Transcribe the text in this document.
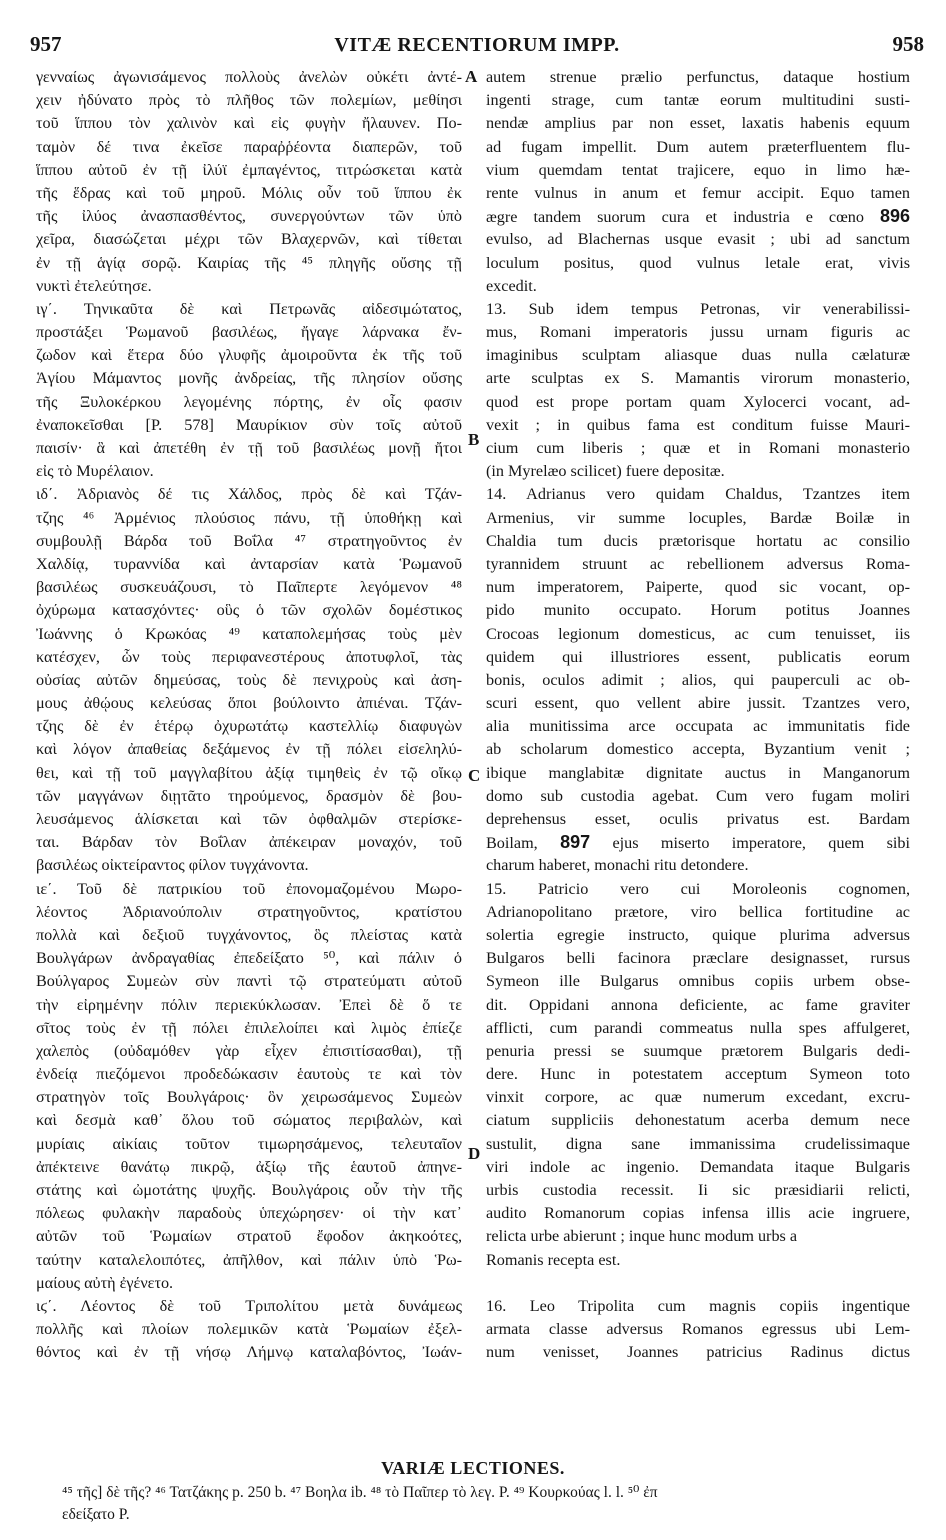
957	VITÆ RECENTIORUM IMPP.	958
γενναίως ἀγωνισάμενος πολλοὺς ἀνελὼν οὐκέτι ἀντέ-
χειν ἠδύνατο πρὸς τὸ πλῆθος τῶν πολεμίων, μεθίησι
τοῦ ἵππου τὸν χαλινὸν καὶ εἰς φυγὴν ἤλαυνεν. Πο-
ταμὸν δέ τινα ἐκεῖσε παραῤῥέοντα διαπερῶν, τοῦ
ἵππου αὐτοῦ ἐν τῇ ἰλύϊ ἐμπαγέντος, τιτρώσκεται κατὰ
τῆς ἕδρας καὶ τοῦ μηροῦ. Μόλις οὖν τοῦ ἵππου ἐκ
τῆς ἰλύος ἀνασπασθέντος, συνεργούντων τῶν ὑπὸ
χεῖρα, διασώζεται μέχρι τῶν Βλαχερνῶν, καὶ τίθεται
ἐν τῇ ἁγίᾳ σορῷ. Καιρίας τῆς ⁴⁵ πληγῆς οὔσης τῇ
νυκτὶ ἐτελεύτησε.
ιγ΄. Τηνικαῦτα δὲ καὶ Πετρωνᾶς αἰδεσιμώτατος,
προστάξει Ῥωμανοῦ βασιλέως, ἤγαγε λάρνακα ἔν-
ζωδον καὶ ἕτερα δύο γλυφῆς ἀμοιροῦντα ἐκ τῆς τοῦ
Ἁγίου Μάμαντος μονῆς ἀνδρείας, τῆς πλησίον οὔσης
τῆς Ξυλοκέρκου λεγομένης πόρτης, ἐν οἷς φασιν
ἐναποκεῖσθαι [P. 578] Μαυρίκιον σὺν τοῖς αὐτοῦ
παισίν· ἃ καὶ ἀπετέθη ἐν τῇ τοῦ βασιλέως μονῇ ἤτοι
εἰς τὸ Μυρέλαιον.
ιδ΄. Ἀδριανὸς δέ τις Χάλδος, πρὸς δὲ καὶ Τζάν-
τζης ⁴⁶ Ἀρμένιος πλούσιος πάνυ, τῇ ὑποθήκῃ καὶ
συμβουλῇ Βάρδα τοῦ Βοΐλα ⁴⁷ στρατηγοῦντος ἐν
Χαλδίᾳ, τυραννίδα καὶ ἀνταρσίαν κατὰ Ῥωμανοῦ
βασιλέως συσκευάζουσι, τὸ Παῖπερτε λεγόμενον ⁴⁸
ὀχύρωμα κατασχόντες· οὓς ὁ τῶν σχολῶν δομέστικος
Ἰωάννης ὁ Κρωκόας ⁴⁹ καταπολεμήσας τοὺς μὲν
κατέσχεν, ὧν τοὺς περιφανεστέρους ἀποτυφλοῖ, τὰς
οὐσίας αὐτῶν δημεύσας, τοὺς δὲ πενιχροὺς καὶ ἀση-
μους ἀθῴους κελεύσας ὅποι βούλοιντο ἀπιέναι. Τζάν-
τζης δὲ ἐν ἑτέρῳ ὀχυρωτάτῳ καστελλίῳ διαφυγὼν
καὶ λόγον ἀπαθείας δεξάμενος ἐν τῇ πόλει εἰσεληλύ-
θει, καὶ τῇ τοῦ μαγγλαβίτου ἀξίᾳ τιμηθεὶς ἐν τῷ οἴκῳ
τῶν μαγγάνων διῃτᾶτο τηρούμενος, δρασμὸν δὲ βου-
λευσάμενος ἁλίσκεται καὶ τῶν ὀφθαλμῶν στερίσκε-
ται. Βάρδαν τὸν Βοΐλαν ἀπέκειραν μοναχόν, τοῦ
βασιλέως οἰκτείραντος φίλον τυγχάνοντα.
ιε΄. Τοῦ δὲ πατρικίου τοῦ ἐπονομαζομένου Μωρο-
λέοντος Ἀδριανούπολιν στρατηγοῦντος, κρατίστου
πολλὰ καὶ δεξιοῦ τυγχάνοντος, ὃς πλείστας κατὰ
Βουλγάρων ἀνδραγαθίας ἐπεδείξατο ⁵⁰, καὶ πάλιν ὁ
Βούλγαρος Συμεὼν σὺν παντὶ τῷ στρατεύματι αὐτοῦ
τὴν εἰρημένην πόλιν περιεκύκλωσαν. Ἐπεὶ δὲ ὅ τε
σῖτος τοὺς ἐν τῇ πόλει ἐπιλελοίπει καὶ λιμὸς ἐπίεζε
χαλεπὸς (οὐδαμόθεν γὰρ εἶχεν ἐπισιτίσασθαι), τῇ
ἐνδείᾳ πιεζόμενοι προδεδώκασιν ἑαυτοὺς τε καὶ τὸν
στρατηγὸν τοῖς Βουλγάροις· ὃν χειρωσάμενος Συμεὼν
καὶ δεσμὰ καθ᾽ ὅλου τοῦ σώματος περιβαλὼν, καὶ
μυρίαις αἰκίαις τοῦτον τιμωρησάμενος, τελευταῖον
ἀπέκτεινε θανάτῳ πικρῷ, ἀξίῳ τῆς ἑαυτοῦ ἀπηνε-
στάτης καὶ ὠμοτάτης ψυχῆς. Βουλγάροις οὖν τὴν τῆς
πόλεως φυλακὴν παραδοὺς ὑπεχώρησεν· οἱ τὴν κατ᾽
αὐτῶν τοῦ Ῥωμαίων στρατοῦ ἔφοδον ἀκηκοότες,
ταύτην καταλελοιπότες, ἀπῆλθον, καὶ πάλιν ὑπὸ Ῥω-
μαίους αὐτὴ ἐγένετο.
ιϛ΄. Λέοντος δὲ τοῦ Τριπολίτου μετὰ δυνάμεως
πολλῆς καὶ πλοίων πολεμικῶν κατὰ Ῥωμαίων ἐξελ-
θόντος καὶ ἐν τῇ νήσῳ Λήμνῳ καταλαβόντος, Ἰωάν-
autem strenue prælio perfunctus, dataque hostium
ingenti strage, cum tantæ eorum multitudini susti-
nendæ amplius par non esset, laxatis habenis equum
ad fugam impellit. Dum autem præterfluentem flu-
vium quemdam tentat trajicere, equo in limo hæ-
rente vulnus in anum et femur accipit. Equo tamen
ægre tandem suorum cura et industria e cœno 896
evulso, ad Blachernas usque evasit ; ubi ad sanctum
loculum positus, quod vulnus letale erat, vivis
excedit.
13. Sub idem tempus Petronas, vir venerabilissi-
mus, Romani imperatoris jussu urnam figuris ac
imaginibus sculptam aliasque duas nulla cælaturæ
arte sculptas ex S. Mamantis virorum monasterio,
quod est prope portam quam Xylocerci vocant, ad-
vexit ; in quibus fama est conditum fuisse Mauri-
cium cum liberis ; quæ et in Romani monasterio
(in Myrelæo scilicet) fuere depositæ.
14. Adrianus vero quidam Chaldus, Tzantzes item
Armenius, vir summe locuples, Bardæ Boilæ in
Chaldia tum ducis prætorisque hortatu ac consilio
tyrannidem struunt ac rebellionem adversus Roma-
num imperatorem, Paiperte, quod sic vocant, op-
pido munito occupato. Horum potitus Joannes
Crocoas legionum domesticus, ac cum tenuisset, iis
quidem qui illustriores essent, publicatis eorum
bonis, oculos adimit ; alios, qui pauperculi ac ob-
scuri essent, quo vellent abire jussit. Tzantzes vero,
alia munitissima arce occupata ac immunitatis fide
ab scholarum domestico accepta, Byzantium venit ;
ibique manglabitæ dignitate auctus in Manganorum
domo sub custodia agebat. Cum vero fugam moliri
deprehensus esset, oculis privatus est. Bardam
Boilam, 897 ejus miserto imperatore, quem sibi
charum haberet, monachi ritu detondere.
15. Patricio vero cui Moroleonis cognomen,
Adrianopolitano prætore, viro bellica fortitudine ac
solertia egregie instructo, quique plurima adversus
Bulgaros belli facinora præclare designasset, rursus
Symeon ille Bulgarus omnibus copiis urbem obse-
dit. Oppidani annona deficiente, ac fame graviter
afflicti, cum parandi commeatus nulla spes affulgeret,
penuria pressi se suumque prætorem Bulgaris dedi-
dere. Hunc in potestatem acceptum Symeon toto
vinxit corpore, ac quæ numerum excedant, excru-
ciatum suppliciis dehonestatum acerba demum nece
sustulit, digna sane immanissima crudelissimaque
viri indole ac ingenio. Demandata itaque Bulgaris
urbis custodia recessit. Ii sic præsidiarii relicti,
audito Romanorum copias infensa illis acie ingruere,
relicta urbe abierunt ; inque hunc modum urbs a
Romanis recepta est.
16. Leo Tripolita cum magnis copiis ingentique
armata classe adversus Romanos egressus ubi Lem-
num venisset, Joannes patricius Radinus dictus
A
B
C
D
VARIÆ LECTIONES.
⁴⁵ τῆς] δὲ τῆς? ⁴⁶ Τατζάκης p. 250 b. ⁴⁷ Βοηλα ib. ⁴⁸ τὸ Παῖπερ τὸ λεγ. P. ⁴⁹ Κουρκούας l. l. ⁵⁰ ἐπ
εδείξατο P.
